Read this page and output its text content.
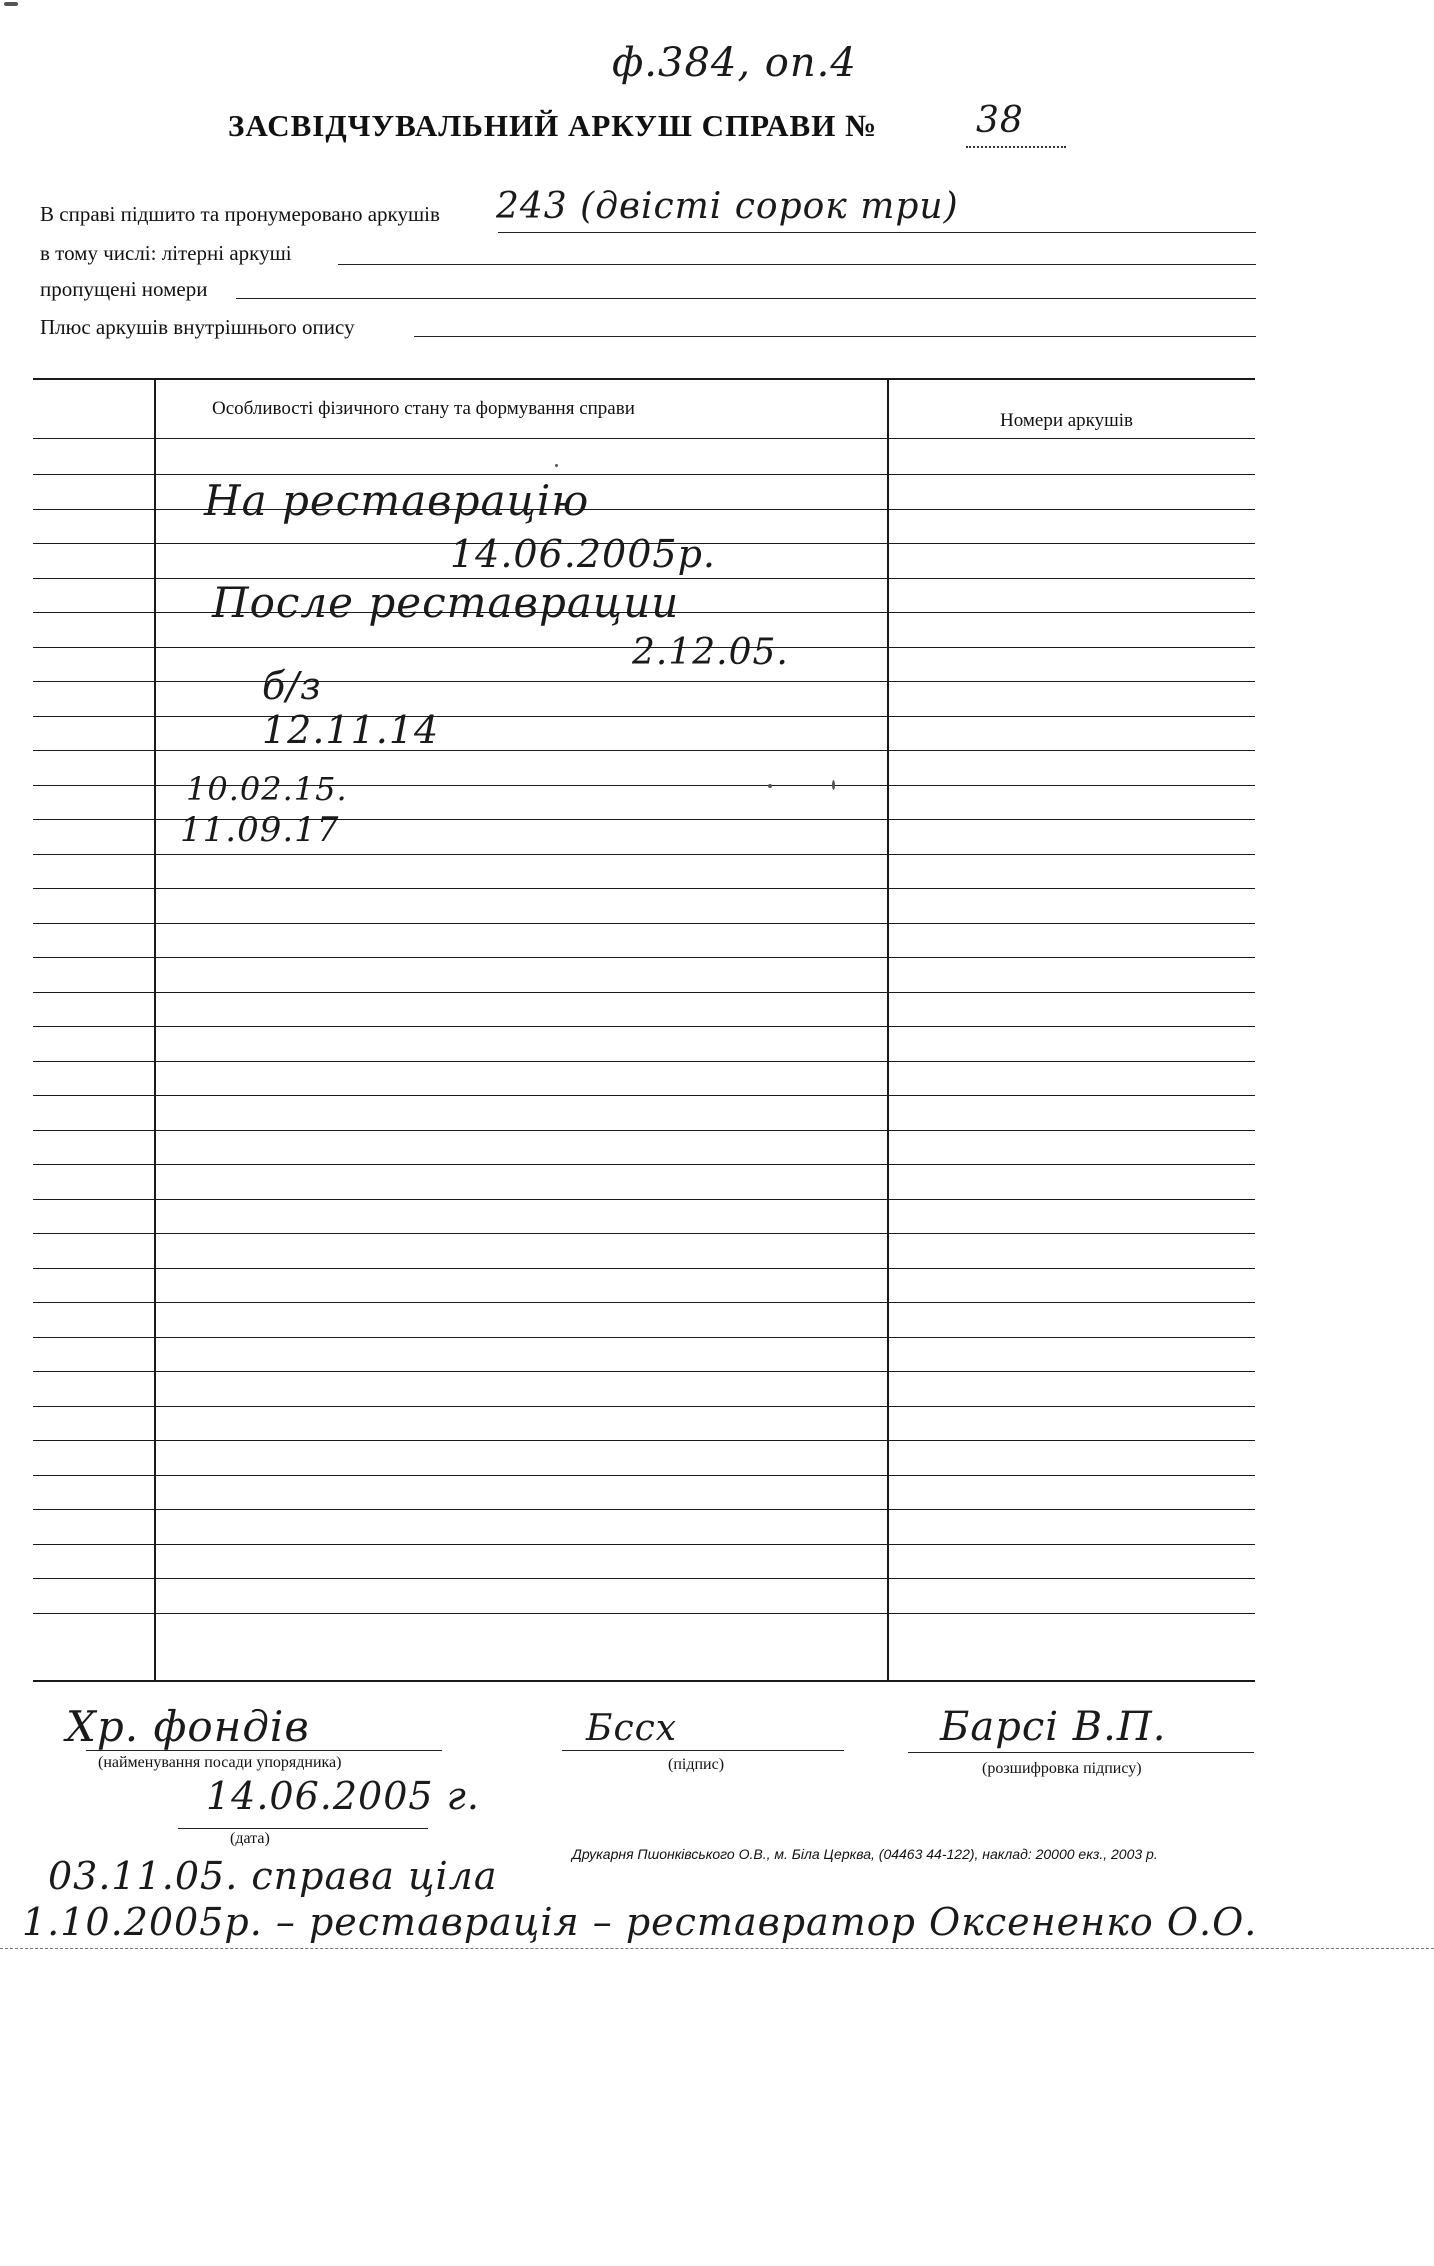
ф.384, оп.4
ЗАСВІДЧУВАЛЬНИЙ АРКУШ СПРАВИ №	38
В справі підшито та пронумеровано аркушів 243 (двісті сорок три)
в тому числі: літерні аркуші
пропущені номери
Плюс аркушів внутрішнього опису
Особливості фізичного стану та формування справи
Номери аркушів
На реставрацію
14.06.2005р.
После реставрации
2.12.05.
б/з
12.11.14
10.02.15.
11.09.17
Хр. фондів
(найменування посади упорядника)
Бссх
(підпис)
Барсі В.П.
(розшифровка підпису)
14.06.2005 г.
(дата)
Друкарня Пшонківського О.В., м. Біла Церква, (04463 44-122), наклад: 20000 екз., 2003 р.
03.11.05. справа ціла
1.10.2005р. – реставрація – реставратор Оксененко О.О.
